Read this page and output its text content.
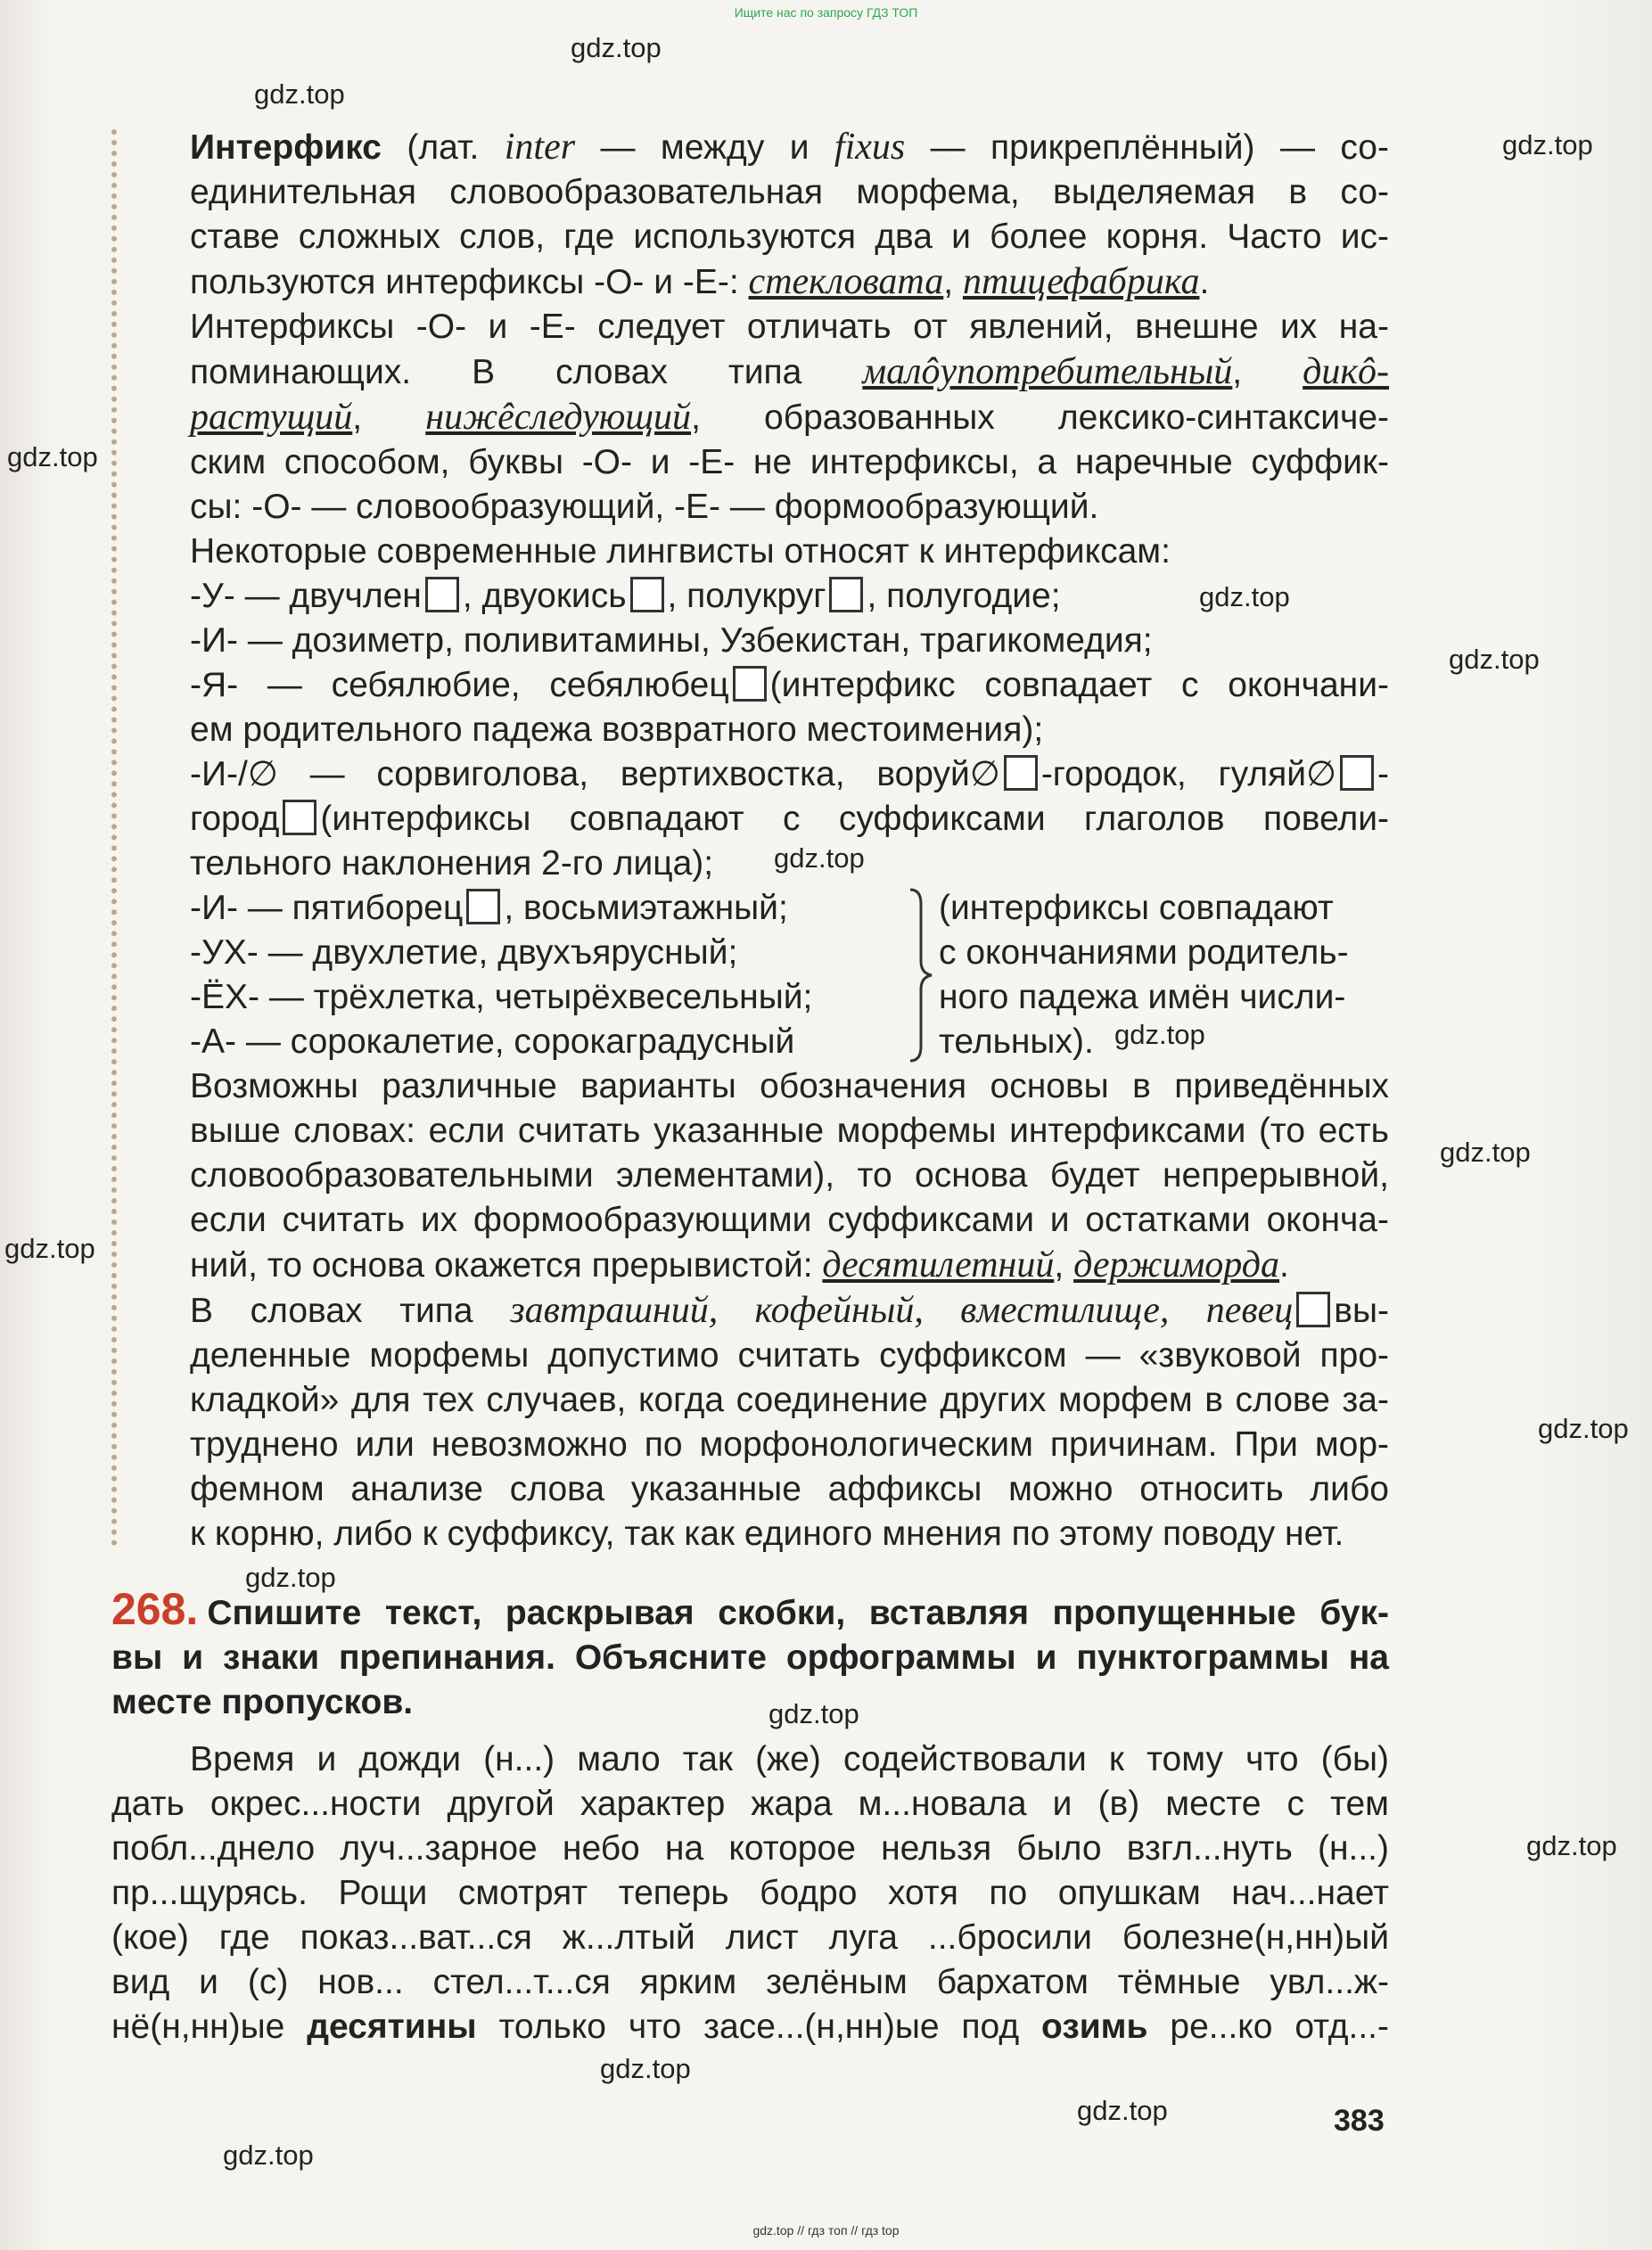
Ищите нас по запросу ГДЗ ТОП
gdz.top
gdz.top
gdz.top
gdz.top
gdz.top
gdz.top
gdz.top
gdz.top
gdz.top
gdz.top
gdz.top
gdz.top
gdz.top
gdz.top
gdz.top
gdz.top
gdz.top

Интерфикс (лат. inter — между и fixus — прикреплённый) — со-

единительная словообразовательная морфема, выделяемая в со-

ставе сложных слов, где используются два и более корня. Часто ис-

пользуются интерфиксы -О- и -Е-: стекловата, птицефабрика.

Интерфиксы -О- и -Е- следует отличать от явлений, внешне их на-

поминающих. В словах типа малôупотребительный, дикô-

растущий, нижêследующий, образованных лексико-синтаксиче-

ским способом, буквы -О- и -Е- не интерфиксы, а наречные суффик-

сы: -О- — словообразующий, -Е- — формообразующий.

Некоторые современные лингвисты относят к интерфиксам:

-У- — двучлен , двуокись , полукруг , полугодие;

-И- — дозиметр, поливитамины, Узбекистан, трагикомедия;

-Я- — себялюбие, себялюбец (интерфикс совпадает с окончани-

ем родительного падежа возвратного местоимения);

-И-/∅ — сорвиголова, вертихвостка, воруй∅ -городок, гуляй∅ -

город (интерфиксы совпадают с суффиксами глаголов повели-

тельного наклонения 2-го лица);

-И- — пятиборец , восьмиэтажный;

-УХ- — двухлетие, двухъярусный;

-ЁХ- — трёхлетка, четырёхвесельный;

-А- — сорокалетие, сорокаградусный

(интерфиксы совпадают

с окончаниями родитель-

ного падежа имён числи-

тельных).

Возможны различные варианты обозначения основы в приведённых

выше словах: если считать указанные морфемы интерфиксами (то есть

словообразовательными элементами), то основа будет непрерывной,

если считать их формообразующими суффиксами и остатками оконча-

ний, то основа окажется прерывистой: десятилетний, держиморда.

В словах типа завтрашний, кофейный, вместилище, певец вы-

деленные морфемы допустимо считать суффиксом — «звуковой про-

кладкой» для тех случаев, когда соединение других морфем в слове за-

труднено или невозможно по морфонологическим причинам. При мор-

фемном анализе слова указанные аффиксы можно относить либо

к корню, либо к суффиксу, так как единого мнения по этому поводу нет.

268. Спишите текст, раскрывая скобки, вставляя пропущенные бук-

вы и знаки препинания. Объясните орфограммы и пунктограммы на

месте пропусков.

Время и дожди (н...) мало так (же) содействовали к тому что (бы)

дать окрес...ности другой характер жара м...новала и (в) месте с тем

побл...днело луч...зарное небо на которое нельзя было взгл...нуть (н...)

пр...щурясь. Рощи смотрят теперь бодро хотя по опушкам нач...нает

(кое) где показ...ват...ся ж...лтый лист луга ...бросили болезне(н,нн)ый

вид и (с) нов... стел...т...ся ярким зелёным бархатом тёмные увл...ж-

нё(н,нн)ые десятины только что засе...(н,нн)ые под озимь ре...ко отд...-

383
gdz.top // гдз топ // гдз top
